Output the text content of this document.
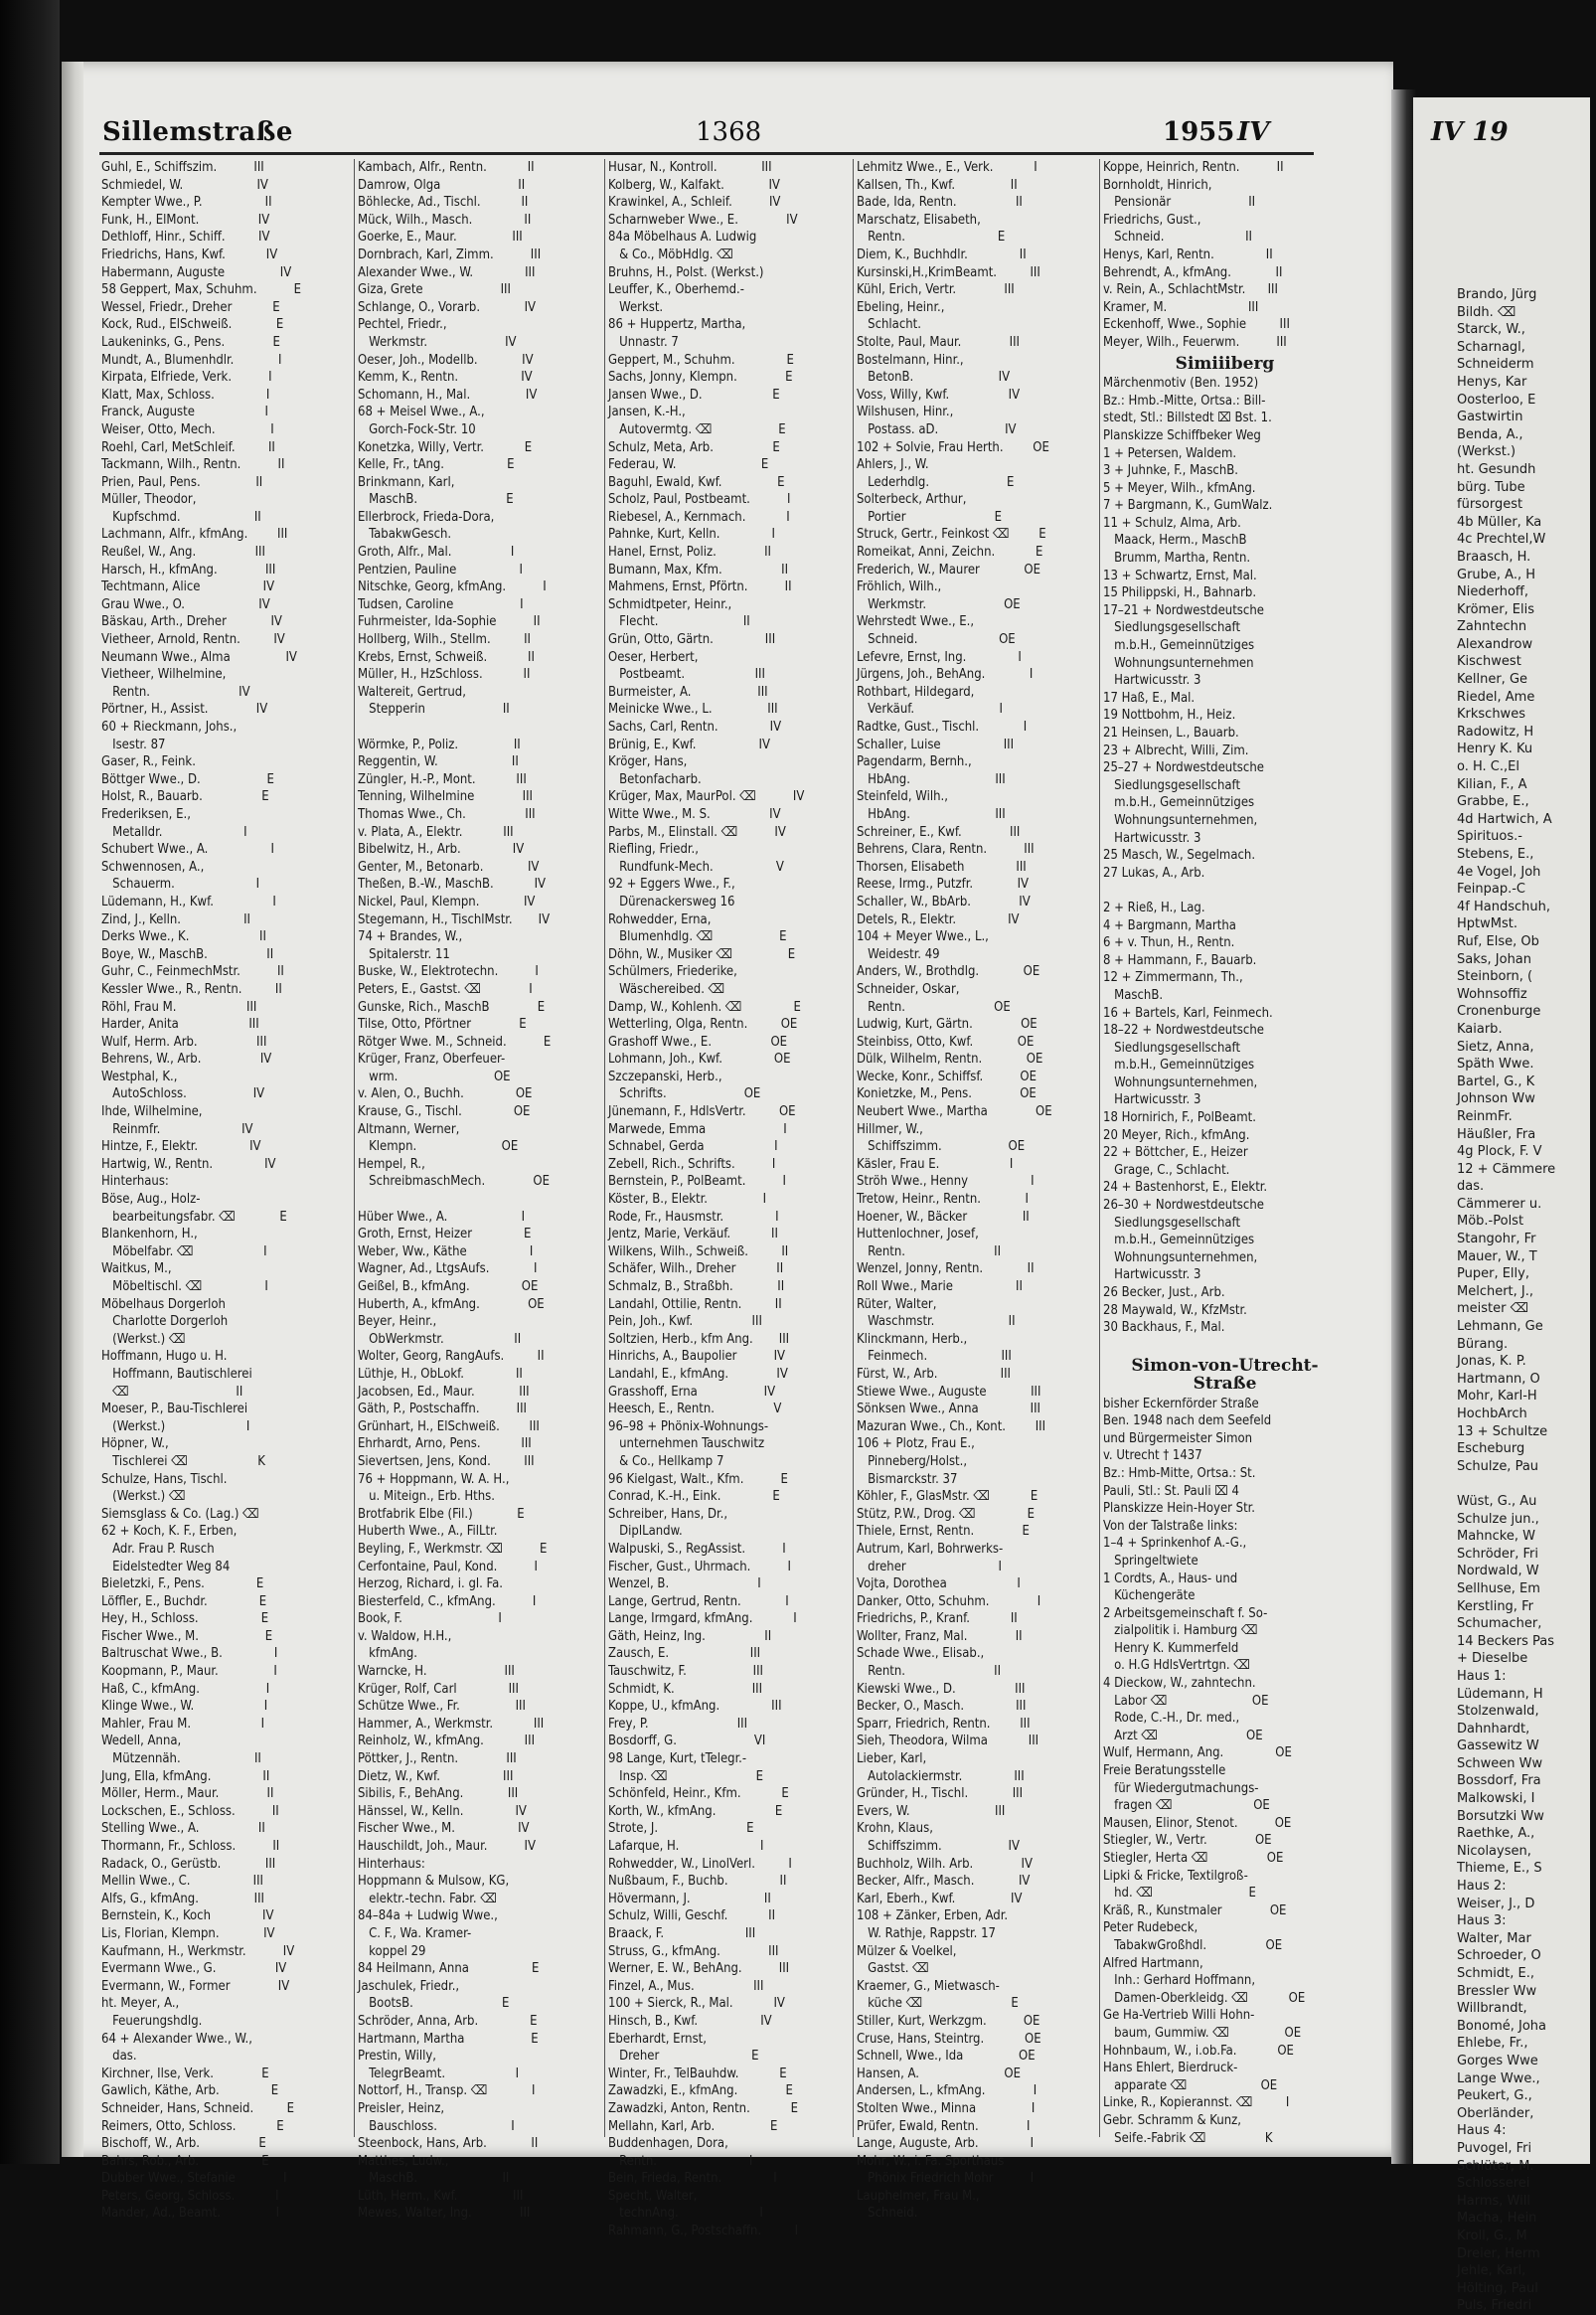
Sillemstraße	1368	1955 IV
Guhl, E., Schiffszim.          III
Schmiedel, W.                    IV
Kempter Wwe., P.                 II
Funk, H., ElMont.                IV
Dethloff, Hinr., Schiff.         IV
Friedrichs, Hans, Kwf.           IV
Habermann, Auguste               IV
58 Geppert, Max, Schuhm.          E
Wessel, Friedr., Dreher           E
Kock, Rud., ElSchweiß.            E
Laukeninks, G., Pens.             E
Mundt, A., Blumenhdlr.            I
Kirpata, Elfriede, Verk.          I
Klatt, Max, Schloss.              I
Franck, Auguste                   I
Weiser, Otto, Mech.               I
Roehl, Carl, MetSchleif.         II
Tackmann, Wilh., Rentn.          II
Prien, Paul, Pens.               II
Müller, Theodor,
Kupfschmd.                    II
Lachmann, Alfr., kfmAng.        III
Reußel, W., Ang.                III
Harsch, H., kfmAng.             III
Techtmann, Alice                 IV
Grau Wwe., O.                    IV
Bäskau, Arth., Dreher            IV
Vietheer, Arnold, Rentn.         IV
Neumann Wwe., Alma               IV
Vietheer, Wilhelmine,
Rentn.                        IV
Pörtner, H., Assist.             IV
60 + Rieckmann, Johs.,
Isestr. 87
Gaser, R., Feink.
Böttger Wwe., D.                  E
Holst, R., Bauarb.                E
Frederiksen, E.,
Metalldr.                      I
Schubert Wwe., A.                 I
Schwennosen, A.,
Schauerm.                      I
Lüdemann, H., Kwf.                I
Zind, J., Kelln.                 II
Derks Wwe., K.                   II
Boye, W., MaschB.                II
Guhr, C., FeinmechMstr.          II
Kessler Wwe., R., Rentn.         II
Röhl, Frau M.                   III
Harder, Anita                   III
Wulf, Herm. Arb.                III
Behrens, W., Arb.                IV
Westphal, K.,
AutoSchloss.                  IV
Ihde, Wilhelmine,
Reinmfr.                      IV
Hintze, F., Elektr.              IV
Hartwig, W., Rentn.              IV
Hinterhaus:
Böse, Aug., Holz-
bearbeitungsfabr. ⌫            E
Blankenhorn, H.,
Möbelfabr. ⌫                   I
Waitkus, M.,
Möbeltischl. ⌫                 I
Möbelhaus Dorgerloh
Charlotte Dorgerloh
(Werkst.) ⌫
Hoffmann, Hugo u. H.
Hoffmann, Bautischlerei
⌫                             II
Moeser, P., Bau-Tischlerei
(Werkst.)                      I
Höpner, W.,
Tischlerei ⌫                   K
Schulze, Hans, Tischl.
(Werkst.) ⌫
Siemsglass & Co. (Lag.) ⌫
62 + Koch, K. F., Erben,
Adr. Frau P. Rusch
Eidelstedter Weg 84
Bieletzki, F., Pens.              E
Löffler, E., Buchdr.              E
Hey, H., Schloss.                 E
Fischer Wwe., M.                  E
Baltruschat Wwe., B.              I
Koopmann, P., Maur.               I
Haß, C., kfmAng.                  I
Klinge Wwe., W.                   I
Mahler, Frau M.                   I
Wedell, Anna,
Mützennäh.                    II
Jung, Ella, kfmAng.              II
Möller, Herm., Maur.             II
Lockschen, E., Schloss.          II
Stelling Wwe., A.                II
Thormann, Fr., Schloss.          II
Radack, O., Gerüstb.            III
Mellin Wwe., C.                 III
Alfs, G., kfmAng.               III
Bernstein, K., Koch              IV
Lis, Florian, Klempn.            IV
Kaufmann, H., Werkmstr.          IV
Evermann Wwe., G.                IV
Evermann, W., Former             IV
ht. Meyer, A.,
Feuerungshdlg.
64 + Alexander Wwe., W.,
das.
Kirchner, Ilse, Verk.             E
Gawlich, Käthe, Arb.              E
Schneider, Hans, Schneid.         E
Reimers, Otto, Schloss.           E
Bischoff, W., Arb.                E
Bahrs, Rob., Arb.                 E
Dubber Wwe., Stefanie             I
Peters, Georg, Schloss.           I
Mander, Ad., Beamt.               I
Kambach, Alfr., Rentn.           II
Damrow, Olga                     II
Böhlecke, Ad., Tischl.           II
Mück, Wilh., Masch.              II
Goerke, E., Maur.               III
Dornbrach, Karl, Zimm.          III
Alexander Wwe., W.              III
Giza, Grete                     III
Schlange, O., Vorarb.            IV
Pechtel, Friedr.,
Werkmstr.                     IV
Oeser, Joh., Modellb.            IV
Kemm, K., Rentn.                 IV
Schomann, H., Mal.               IV
68 + Meisel Wwe., A.,
Gorch-Fock-Str. 10
Konetzka, Willy, Vertr.           E
Kelle, Fr., tAng.                 E
Brinkmann, Karl,
MaschB.                        E
Ellerbrock, Frieda-Dora,
TabakwGesch.
Groth, Alfr., Mal.                I
Pentzien, Pauline                 I
Nitschke, Georg, kfmAng.          I
Tudsen, Caroline                  I
Fuhrmeister, Ida-Sophie          II
Hollberg, Wilh., Stellm.         II
Krebs, Ernst, Schweiß.           II
Müller, H., HzSchloss.           II
Waltereit, Gertrud,
Stepperin                     II

Wörmke, P., Poliz.               II
Reggentin, W.                    II
Züngler, H.-P., Mont.           III
Tenning, Wilhelmine             III
Thomas Wwe., Ch.                III
v. Plata, A., Elektr.           III
Bibelwitz, H., Arb.              IV
Genter, M., Betonarb.            IV
Theßen, B.-W., MaschB.           IV
Nickel, Paul, Klempn.            IV
Stegemann, H., TischlMstr.       IV
74 + Brandes, W.,
Spitalerstr. 11
Buske, W., Elektrotechn.          I
Peters, E., Gastst. ⌫             I
Gunske, Rich., MaschB             E
Tilse, Otto, Pförtner             E
Rötger Wwe. M., Schneid.          E
Krüger, Franz, Oberfeuer-
wrm.                          OE
v. Alen, O., Buchh.              OE
Krause, G., Tischl.              OE
Altmann, Werner,
Klempn.                       OE
Hempel, R.,
SchreibmaschMech.             OE

Hüber Wwe., A.                    I
Groth, Ernst, Heizer              E
Weber, Ww., Käthe                 I
Wagner, Ad., LtgsAufs.            I
Geißel, B., kfmAng.              OE
Huberth, A., kfmAng.             OE
Beyer, Heinr.,
ObWerkmstr.                   II
Wolter, Georg, RangAufs.         II
Lüthje, H., ObLokf.              II
Jacobsen, Ed., Maur.            III
Gäth, P., Postschaffn.          III
Grünhart, H., ElSchweiß.        III
Ehrhardt, Arno, Pens.           III
Sievertsen, Jens, Kond.         III
76 + Hoppmann, W. A. H.,
u. Miteign., Erb. Hths.
Brotfabrik Elbe (Fil.)            E
Huberth Wwe., A., FilLtr.
Beyling, F., Werkmstr. ⌫          E
Cerfontaine, Paul, Kond.          I
Herzog, Richard, i. gl. Fa.
Biesterfeld, C., kfmAng.          I
Book, F.                          I
v. Waldow, H.H.,
kfmAng.
Warncke, H.                     III
Krüger, Rolf, Carl              III
Schütze Wwe., Fr.               III
Hammer, A., Werkmstr.           III
Reinholz, W., kfmAng.           III
Pöttker, J., Rentn.             III
Dietz, W., Kwf.                 III
Sibilis, F., BehAng.            III
Hänssel, W., Kelln.              IV
Fischer Wwe., M.                 IV
Hauschildt, Joh., Maur.          IV
Hinterhaus:
Hoppmann & Mulsow, KG,
elektr.-techn. Fabr. ⌫
84–84a + Ludwig Wwe.,
C. F., Wa. Kramer-
koppel 29
84 Heilmann, Anna                 E
Jaschulek, Friedr.,
BootsB.                        E
Schröder, Anna, Arb.              E
Hartmann, Martha                  E
Prestin, Willy,
TelegrBeamt.                   I
Nottorf, H., Transp. ⌫            I
Preisler, Heinz,
Bauschloss.                    I
Steenbock, Hans, Arb.            II
Matthes, Ludw.,
MaschB.                       II
Lüth, Herm., Kwf.               III
Mewes, Walter, Ing.             III
Husar, N., Kontroll.            III
Kolberg, W., Kalfakt.            IV
Krawinkel, A., Schleif.          IV
Scharnweber Wwe., E.             IV
84a Möbelhaus A. Ludwig
& Co., MöbHdlg. ⌫
Bruhns, H., Polst. (Werkst.)
Leuffer, K., Oberhemd.-
Werkst.
86 + Huppertz, Martha,
Unnastr. 7
Geppert, M., Schuhm.              E
Sachs, Jonny, Klempn.             E
Jansen Wwe., D.                   E
Jansen, K.-H.,
Autovermtg. ⌫                  E
Schulz, Meta, Arb.                E
Federau, W.                       E
Baguhl, Ewald, Kwf.               E
Scholz, Paul, Postbeamt.          I
Riebesel, A., Kernmach.           I
Pahnke, Kurt, Kelln.              I
Hanel, Ernst, Poliz.             II
Bumann, Max, Kfm.                II
Mahmens, Ernst, Pförtn.          II
Schmidtpeter, Heinr.,
Flecht.                       II
Grün, Otto, Gärtn.              III
Oeser, Herbert,
Postbeamt.                   III
Burmeister, A.                  III
Meinicke Wwe., L.               III
Sachs, Carl, Rentn.              IV
Brünig, E., Kwf.                 IV
Kröger, Hans,
Betonfacharb.
Krüger, Max, MaurPol. ⌫          IV
Witte Wwe., M. S.                IV
Parbs, M., Elinstall. ⌫          IV
Riefling, Friedr.,
Rundfunk-Mech.                 V
92 + Eggers Wwe., F.,
Dürenackersweg 16
Rohwedder, Erna,
Blumenhdlg. ⌫                  E
Döhn, W., Musiker ⌫               E
Schülmers, Friederike,
Wäschereibed. ⌫
Damp, W., Kohlenh. ⌫              E
Wetterling, Olga, Rentn.         OE
Grashoff Wwe., E.                OE
Lohmann, Joh., Kwf.              OE
Szczepanski, Herb.,
Schrifts.                     OE
Jünemann, F., HdlsVertr.         OE
Marwede, Emma                     I
Schnabel, Gerda                   I
Zebell, Rich., Schrifts.          I
Bernstein, P., PolBeamt.          I
Köster, B., Elektr.               I
Rode, Fr., Hausmstr.              I
Jentz, Marie, Verkäuf.           II
Wilkens, Wilh., Schweiß.         II
Schäfer, Wilh., Dreher           II
Schmalz, B., Straßbh.            II
Landahl, Ottilie, Rentn.         II
Pein, Joh., Kwf.                III
Soltzien, Herb., kfm Ang.       III
Hinrichs, A., Baupolier          IV
Landahl, E., kfmAng.             IV
Grasshoff, Erna                  IV
Heesch, E., Rentn.                V
96–98 + Phönix-Wohnungs-
unternehmen Tauschwitz
& Co., Hellkamp 7
96 Kielgast, Walt., Kfm.          E
Conrad, K.-H., Eink.              E
Schreiber, Hans, Dr.,
DiplLandw.
Walpuski, S., RegAssist.          I
Fischer, Gust., Uhrmach.          I
Wenzel, B.                        I
Lange, Gertrud, Rentn.            I
Lange, Irmgard, kfmAng.           I
Gäth, Heinz, Ing.                II
Zausch, E.                      III
Tauschwitz, F.                  III
Schmidt, K.                     III
Koppe, U., kfmAng.              III
Frey, P.                        III
Bosdorff, G.                     VI
98 Lange, Kurt, tTelegr.-
Insp. ⌫                        E
Schönfeld, Heinr., Kfm.           E
Korth, W., kfmAng.                E
Strote, J.                        E
Lafarque, H.                      I
Rohwedder, W., LinolVerl.         I
Nußbaum, F., Buchb.              II
Hövermann, J.                    II
Schulz, Willi, Geschf.           II
Braack, F.                      III
Struss, G., kfmAng.             III
Werner, E. W., BehAng.          III
Finzel, A., Mus.                III
100 + Sierck, R., Mal.           IV
Hinsch, B., Kwf.                 IV
Eberhardt, Ernst,
Dreher                         E
Winter, Fr., TelBauhdw.           E
Zawadzki, E., kfmAng.             E
Zawadzki, Anton, Rentn.           E
Mellahn, Karl, Arb.               E
Buddenhagen, Dora,
Rentn.                         I
Bein, Frieda, Rentn.              I
Specht, Walter,
technAng.                      I
Rahmann, G., Postschaffn.         I
Lehmitz Wwe., E., Verk.           I
Kallsen, Th., Kwf.               II
Bade, Ida, Rentn.                II
Marschatz, Elisabeth,
Rentn.                         E
Diem, K., Buchhdlr.              II
Kursinski,H.,KrimBeamt.         III
Kühl, Erich, Vertr.             III
Ebeling, Heinr.,
Schlacht.
Stolte, Paul, Maur.             III
Bostelmann, Hinr.,
BetonB.                       IV
Voss, Willy, Kwf.                IV
Wilshusen, Hinr.,
Postass. aD.                  IV
102 + Solvie, Frau Herth.        OE
Ahlers, J., W.
Lederhdlg.                     E
Solterbeck, Arthur,
Portier                        E
Struck, Gertr., Feinkost ⌫        E
Romeikat, Anni, Zeichn.           E
Frederich, W., Maurer            OE
Fröhlich, Wilh.,
Werkmstr.                     OE
Wehrstedt Wwe., E.,
Schneid.                      OE
Lefevre, Ernst, Ing.              I
Jürgens, Joh., BehAng.            I
Rothbart, Hildegard,
Verkäuf.                       I
Radtke, Gust., Tischl.            I
Schaller, Luise                 III
Pagendarm, Bernh.,
HbAng.                       III
Steinfeld, Wilh.,
HbAng.                       III
Schreiner, E., Kwf.             III
Behrens, Clara, Rentn.          III
Thorsen, Elisabeth              III
Reese, Irmg., Putzfr.            IV
Schaller, W., BbArb.             IV
Detels, R., Elektr.              IV
104 + Meyer Wwe., L.,
Weidestr. 49
Anders, W., Brothdlg.            OE
Schneider, Oskar,
Rentn.                        OE
Ludwig, Kurt, Gärtn.             OE
Steinbiss, Otto, Kwf.            OE
Dülk, Wilhelm, Rentn.            OE
Wecke, Konr., Schiffsf.          OE
Konietzke, M., Pens.             OE
Neubert Wwe., Martha             OE
Hillmer, W.,
Schiffszimm.                  OE
Käsler, Frau E.                   I
Ströh Wwe., Henny                 I
Tretow, Heinr., Rentn.            I
Hoener, W., Bäcker               II
Huttenlochner, Josef,
Rentn.                        II
Wenzel, Jonny, Rentn.            II
Roll Wwe., Marie                 II
Rüter, Walter,
Waschmstr.                    II
Klinckmann, Herb.,
Feinmech.                    III
Fürst, W., Arb.                 III
Stiewe Wwe., Auguste            III
Sönksen Wwe., Anna              III
Mazuran Wwe., Ch., Kont.        III
106 + Plotz, Frau E.,
Pinneberg/Holst.,
Bismarckstr. 37
Köhler, F., GlasMstr. ⌫           E
Stütz, P.W., Drog. ⌫              E
Thiele, Ernst, Rentn.             E
Autrum, Karl, Bohrwerks-
dreher                         I
Vojta, Dorothea                   I
Danker, Otto, Schuhm.             I
Friedrichs, P., Kranf.           II
Wollter, Franz, Mal.             II
Schade Wwe., Elisab.,
Rentn.                        II
Kiewski Wwe., D.                III
Becker, O., Masch.              III
Sparr, Friedrich, Rentn.        III
Sieh, Theodora, Wilma           III
Lieber, Karl,
Autolackiermstr.              III
Gründer, H., Tischl.            III
Evers, W.                       III
Krohn, Klaus,
Schiffszimm.                  IV
Buchholz, Wilh. Arb.             IV
Becker, Alfr., Masch.            IV
Karl, Eberh., Kwf.               IV
108 + Zänker, Erben, Adr.
W. Rathje, Rappstr. 17
Mülzer & Voelkel,
Gastst. ⌫
Kraemer, G., Mietwasch-
küche ⌫                        E
Stiller, Kurt, Werkzgm.          OE
Cruse, Hans, Steintrg.           OE
Schnell, Wwe., Ida               OE
Hansen, A.                       OE
Andersen, L., kfmAng.             I
Stolten Wwe., Minna               I
Prüfer, Ewald, Rentn.             I
Lange, Auguste, Arb.              I
Mohr, W., i. Fa. Sporthaus
Phönix Friedrich Mohr          I
Lauphelmer, Frau M.,
Schneid.
Koppe, Heinrich, Rentn.          II
Bornholdt, Hinrich,
Pensionär                     II
Friedrichs, Gust.,
Schneid.                      II
Henys, Karl, Rentn.              II
Behrendt, A., kfmAng.            II
v. Rein, A., SchlachtMstr.      III
Kramer, M.                      III
Eckenhoff, Wwe., Sophie         III
Meyer, Wilh., Feuerwm.          III
Simiiiberg
Märchenmotiv (Ben. 1952)
Bz.: Hmb.-Mitte, Ortsa.: Bill-
stedt, Stl.: Billstedt ⌧ Bst. 1.
Planskizze Schiffbeker Weg
1 + Petersen, Waldem.
3 + Juhnke, F., MaschB.
5 + Meyer, Wilh., kfmAng.
7 + Bargmann, K., GumWalz.
11 + Schulz, Alma, Arb.
Maack, Herm., MaschB
Brumm, Martha, Rentn.
13 + Schwartz, Ernst, Mal.
15 Philippski, H., Bahnarb.
17–21 + Nordwestdeutsche
Siedlungsgesellschaft
m.b.H., Gemeinnütziges
Wohnungsunternehmen
Hartwicusstr. 3
17 Haß, E., Mal.
19 Nottbohm, H., Heiz.
21 Heinsen, L., Bauarb.
23 + Albrecht, Willi, Zim.
25–27 + Nordwestdeutsche
Siedlungsgesellschaft
m.b.H., Gemeinnütziges
Wohnungsunternehmen,
Hartwicusstr. 3
25 Masch, W., Segelmach.
27 Lukas, A., Arb.

2 + Rieß, H., Lag.
4 + Bargmann, Martha
6 + v. Thun, H., Rentn.
8 + Hammann, F., Bauarb.
12 + Zimmermann, Th.,
MaschB.
16 + Bartels, Karl, Feinmech.
18–22 + Nordwestdeutsche
Siedlungsgesellschaft
m.b.H., Gemeinnütziges
Wohnungsunternehmen,
Hartwicusstr. 3
18 Hornirich, F., PolBeamt.
20 Meyer, Rich., kfmAng.
22 + Böttcher, E., Heizer
Grage, C., Schlacht.
24 + Bastenhorst, E., Elektr.
26–30 + Nordwestdeutsche
Siedlungsgesellschaft
m.b.H., Gemeinnütziges
Wohnungsunternehmen,
Hartwicusstr. 3
26 Becker, Just., Arb.
28 Maywald, W., KfzMstr.
30 Backhaus, F., Mal.

Simon-von-Utrecht-Straße
bisher Eckernförder Straße
Ben. 1948 nach dem Seefeld
und Bürgermeister Simon
v. Utrecht † 1437
Bz.: Hmb-Mitte, Ortsa.: St.
Pauli, Stl.: St. Pauli ⌧ 4
Planskizze Hein-Hoyer Str.
Von der Talstraße links:
1–4 + Sprinkenhof A.-G.,
Springeltwiete
1 Cordts, A., Haus- und
Küchengeräte
2 Arbeitsgemeinschaft f. So-
zialpolitik i. Hamburg ⌫
Henry K. Kummerfeld
o. H.G HdlsVertrtgn. ⌫
4 Dieckow, W., zahntechn.
Labor ⌫                       OE
Rode, C.-H., Dr. med.,
Arzt ⌫                        OE
Wulf, Hermann, Ang.              OE
Freie Beratungsstelle
für Wiedergutmachungs-
fragen ⌫                      OE
Mausen, Elinor, Stenot.          OE
Stiegler, W., Vertr.             OE
Stiegler, Herta ⌫                OE
Lipki & Fricke, Textilgroß-
hd. ⌫                          E
Kräß, R., Kunstmaler             OE
Peter Rudebeck,
TabakwGroßhdl.                OE
Alfred Hartmann,
Inh.: Gerhard Hoffmann,
Damen-Oberkleidg. ⌫           OE
Ge Ha-Vertrieb Willi Hohn-
baum, Gummiw. ⌫               OE
Hohnbaum, W., i.ob.Fa.           OE
Hans Ehlert, Bierdruck-
apparate ⌫                    OE
Linke, R., Kopierannst. ⌫         I
Gebr. Schramm & Kunz,
Seife.-Fabrik ⌫                K
IV 19
Brando, Jürg
Bildh. ⌫
Starck, W.,
Scharnagl,
Schneiderm
Henys, Kar
Oosterloo, E
Gastwirtin
Benda, A.,
(Werkst.)
ht. Gesundh
bürg. Tube
fürsorgest
4b Müller, Ka
4c Prechtel,W
Braasch, H.
Grube, A., H
Niederhoff,
Krömer, Elis
Zahntechn
Alexandrow
Kischwest
Kellner, Ge
Riedel, Ame
Krkschwes
Radowitz, H
Henry K. Ku
o. H. C.,El
Kilian, F., A
Grabbe, E.,
4d Hartwich, A
Spirituos.-
Stebens, E.,
4e Vogel, Joh
Feinpap.-C
4f Handschuh,
HptwMst.
Ruf, Else, Ob
Saks, Johan
Steinborn, (
Wohnsoffiz
Cronenburge
Kaiarb.
Sietz, Anna,
Späth Wwe.
Bartel, G., K
Johnson Ww
ReinmFr.
Häußler, Fra
4g Plock, F. V
12 + Cämmere
das.
Cämmerer u.
Möb.-Polst
Stangohr, Fr
Mauer, W., T
Puper, Elly,
Melchert, J.,
meister ⌫
Lehmann, Ge
Bürang.
Jonas, K. P.
Hartmann, O
Mohr, Karl-H
HochbArch
13 + Schultze
Escheburg
Schulze, Pau

Wüst, G., Au
Schulze jun.,
Mahncke, W
Schröder, Fri
Nordwald, W
Sellhuse, Em
Kerstling, Fr
Schumacher,
14 Beckers Pas
+ Dieselbe
Haus 1:
Lüdemann, H
Stolzenwald,
Dahnhardt,
Gassewitz W
Schween Ww
Bossdorf, Fra
Malkowski, I
Borsutzki Ww
Raethke, A.,
Nicolaysen,
Thieme, E., S
Haus 2:
Weiser, J., D
Haus 3:
Walter, Mar
Schroeder, O
Schmidt, E.,
Bressler Ww
Willbrandt,
Bonomé, Joha
Ehlebe, Fr.,
Gorges Wwe
Lange Wwe.,
Peukert, G.,
Oberländer,
Haus 4:
Puvogel, Fri
Schlüter, M.
Schlosserei
Harms, Will
Macha, Hein
Kroll, G., M
Dreier, Herm
Jehle, Karl,
Hölting, Paul
Puls, Friedri
